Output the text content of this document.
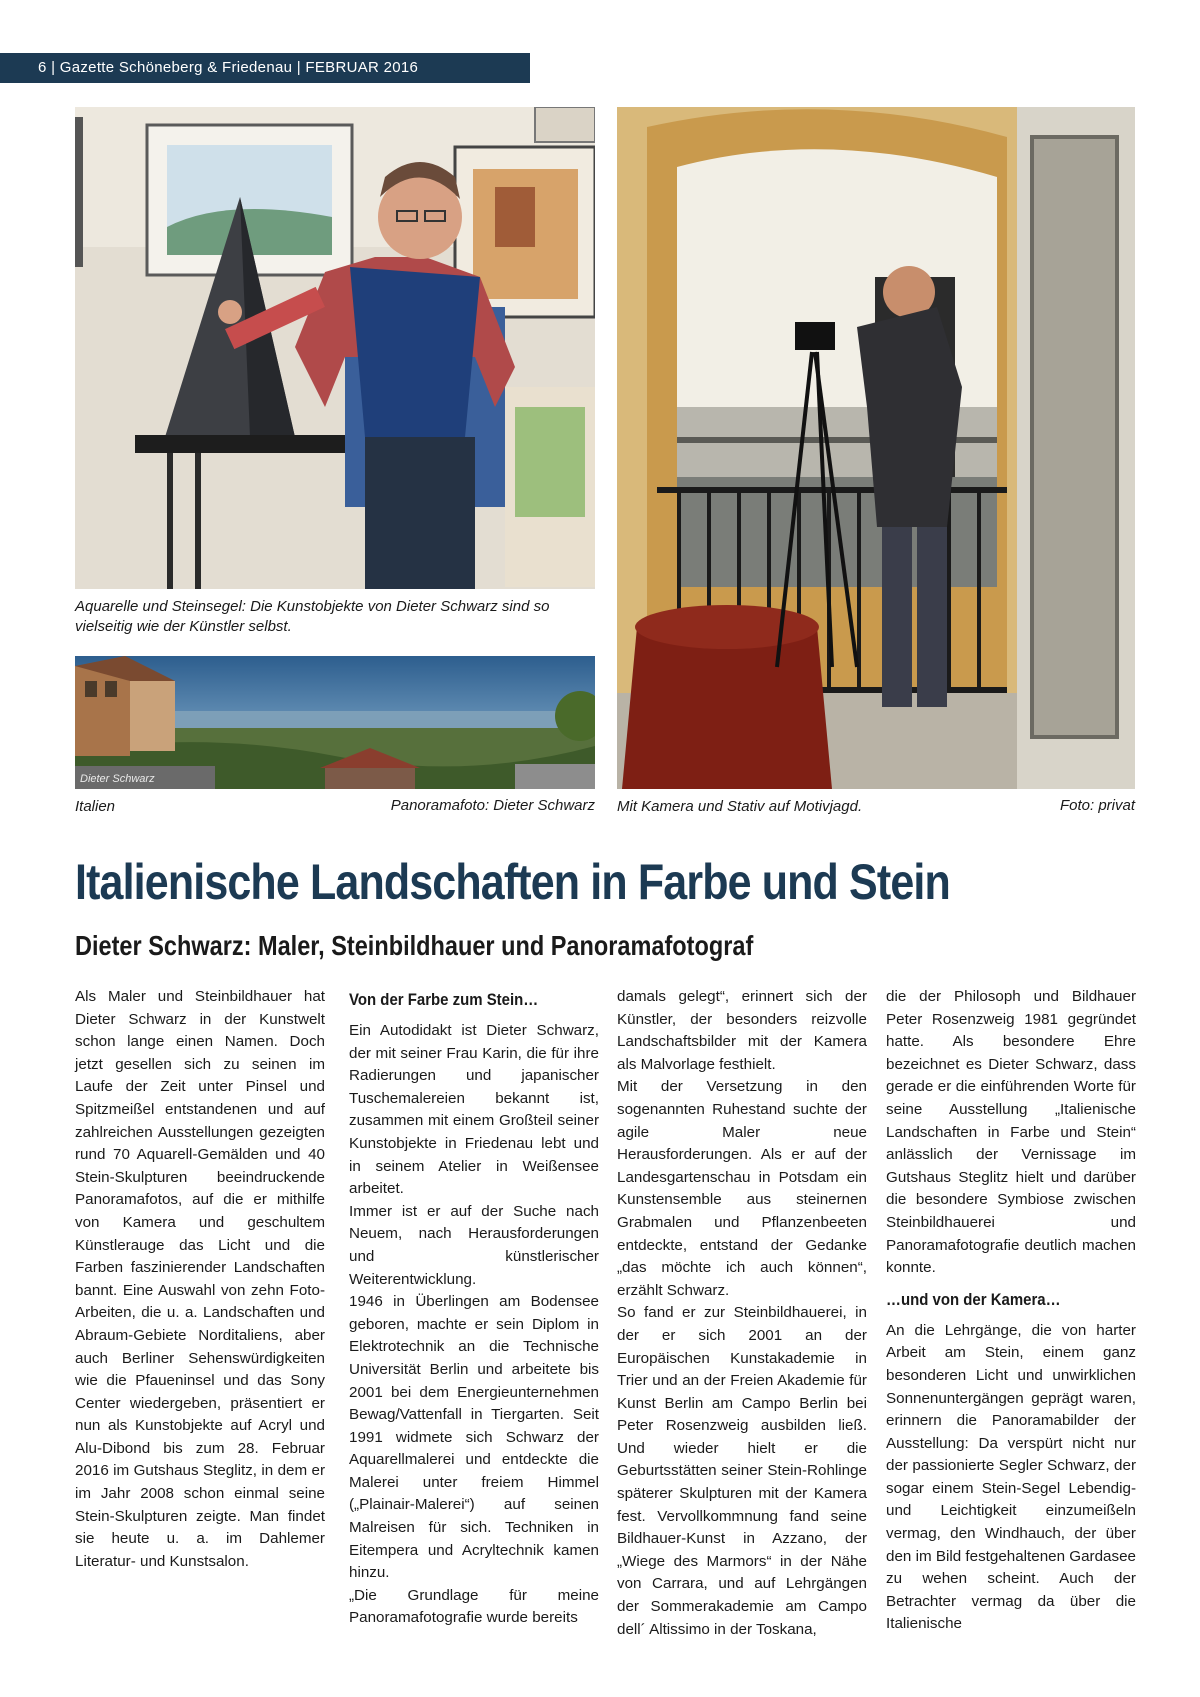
6 | Gazette Schöneberg & Friedenau | FEBRUAR 2016
Aquarelle und Steinsegel: Die Kunstobjekte von Dieter Schwarz sind so vielseitig wie der Künstler selbst.
Dieter Schwarz
Italien	Panoramafoto: Dieter Schwarz Mit Kamera und Stativ auf Motivjagd.	Foto: privat
Italienische Landschaften in Farbe und Stein
Dieter Schwarz: Maler, Steinbildhauer und Panoramafotograf

Als Maler und Steinbildhauer hat Dieter Schwarz in der Kunstwelt schon lange einen Namen. Doch jetzt gesellen sich zu seinen im Laufe der Zeit unter Pinsel und Spitzmeißel entstandenen und auf zahlreichen Ausstellungen gezeigten rund 70 Aquarell-Gemälden und 40 Stein-Skulpturen beeindruckende Panoramafotos, auf die er mithilfe von Kamera und geschultem Künstlerauge das Licht und die Farben faszinierender Landschaften bannt. Eine Auswahl von zehn Foto-Arbeiten, die u. a. Landschaften und Abraum-Gebiete Norditaliens, aber auch Berliner Sehenswürdigkeiten wie die Pfaueninsel und das Sony Center wiedergeben, präsentiert er nun als Kunstobjekte auf Acryl und Alu-Dibond bis zum 28. Februar 2016 im Gutshaus Steglitz, in dem er im Jahr 2008 schon einmal seine Stein-Skulpturen zeigte. Man findet sie heute u. a. im Dahlemer Literatur- und Kunstsalon.

Von der Farbe zum Stein…

Ein Autodidakt ist Dieter Schwarz, der mit seiner Frau Karin, die für ihre Radierungen und japanischer Tuschemalereien bekannt ist, zusammen mit einem Großteil seiner Kunstobjekte in Friedenau lebt und in seinem Atelier in Weißensee arbeitet.

Immer ist er auf der Suche nach Neuem, nach Herausforderungen und künstlerischer Weiterentwicklung.

1946 in Überlingen am Bodensee geboren, machte er sein Diplom in Elektrotechnik an die Technische Universität Berlin und arbeitete bis 2001 bei dem Energieunternehmen Bewag/Vattenfall in Tiergarten. Seit 1991 widmete sich Schwarz der Aquarellmalerei und entdeckte die Malerei unter freiem Himmel („Plainair-Malerei“) auf seinen Malreisen für sich. Techniken in Eitempera und Acryltechnik kamen hinzu.

„Die Grundlage für meine Panoramafotografie wurde bereits

damals gelegt“, erinnert sich der Künstler, der besonders reizvolle Landschaftsbilder mit der Kamera als Malvorlage festhielt.

Mit der Versetzung in den sogenannten Ruhestand suchte der agile Maler neue Herausforderungen. Als er auf der Landesgartenschau in Potsdam ein Kunstensemble aus steinernen Grabmalen und Pflanzenbeeten entdeckte, entstand der Gedanke „das möchte ich auch können“, erzählt Schwarz.

So fand er zur Steinbildhauerei, in der er sich 2001 an der Europäischen Kunstakademie in Trier und an der Freien Akademie für Kunst Berlin am Campo Berlin bei Peter Rosenzweig ausbilden ließ. Und wieder hielt er die Geburtsstätten seiner Stein-Rohlinge späterer Skulpturen mit der Kamera fest. Vervollkommnung fand seine Bildhauer-Kunst in Azzano, der „Wiege des Marmors“ in der Nähe von Carrara, und auf Lehrgängen der Sommerakademie am Campo dell´ Altissimo in der Toskana,

die der Philosoph und Bildhauer Peter Rosenzweig 1981 gegründet hatte. Als besondere Ehre bezeichnet es Dieter Schwarz, dass gerade er die einführenden Worte für seine Ausstellung „Italienische Landschaften in Farbe und Stein“ anlässlich der Vernissage im Gutshaus Steglitz hielt und darüber die besondere Symbiose zwischen Steinbildhauerei und Panoramafotografie deutlich machen konnte.

…und von der Kamera…

An die Lehrgänge, die von harter Arbeit am Stein, einem ganz besonderen Licht und unwirklichen Sonnenuntergängen geprägt waren, erinnern die Panoramabilder der Ausstellung: Da verspürt nicht nur der passionierte Segler Schwarz, der sogar einem Stein-Segel Lebendig- und Leichtigkeit einzumeißeln vermag, den Windhauch, der über den im Bild festgehaltenen Gardasee zu wehen scheint. Auch der Betrachter vermag da über die Italienische
